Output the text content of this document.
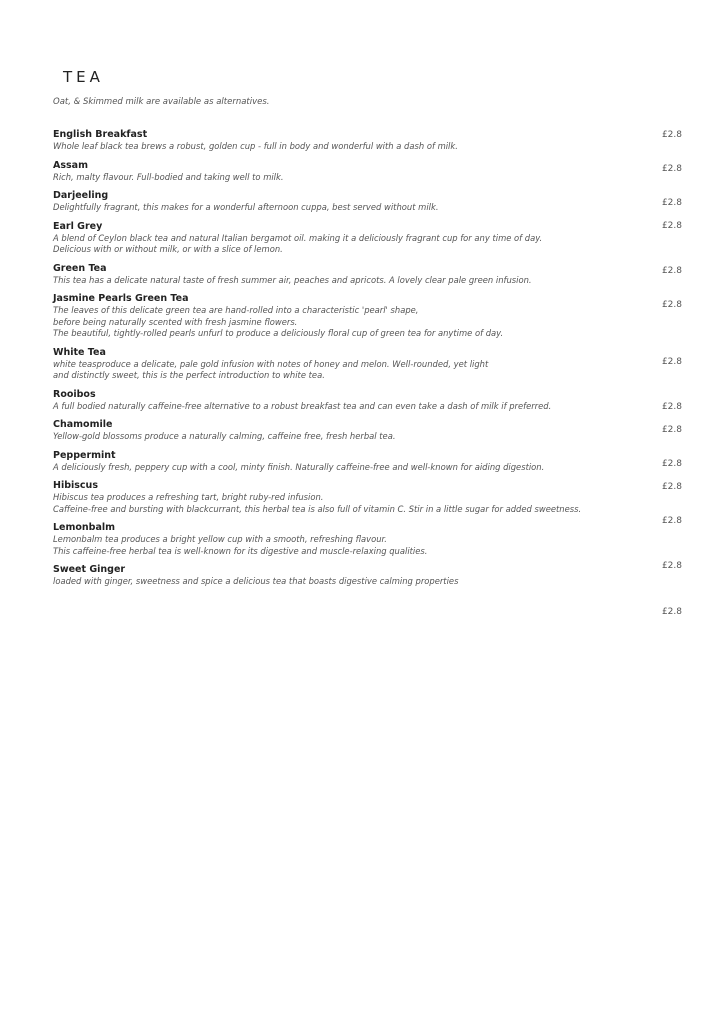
TEA
Oat, & Skimmed milk are available as alternatives.
English Breakfast
Whole leaf black tea brews a robust, golden cup - full in body and wonderful with a dash of milk.
Assam
Rich, malty flavour. Full-bodied and taking well to milk.
Darjeeling
Delightfully fragrant, this makes for a wonderful afternoon cuppa, best served without milk.
Earl Grey
A blend of Ceylon black tea and natural Italian bergamot oil. making it a deliciously fragrant cup for any time of day.
Delicious with or without milk, or with a slice of lemon.
Green Tea
This tea has a delicate natural taste of fresh summer air, peaches and apricots. A lovely clear pale green infusion.
Jasmine Pearls Green Tea
The leaves of this delicate green tea are hand-rolled into a characteristic 'pearl' shape,
before being naturally scented with fresh jasmine flowers.
The beautiful, tightly-rolled pearls unfurl to produce a deliciously floral cup of green tea for anytime of day.
White Tea
white teasproduce a delicate, pale gold infusion with notes of honey and melon. Well-rounded, yet light
and distinctly sweet, this is the perfect introduction to white tea.
Rooibos
A full bodied naturally caffeine-free alternative to a robust breakfast tea and can even take a dash of milk if preferred.
Chamomile
Yellow-gold blossoms produce a naturally calming, caffeine free, fresh herbal tea.
Peppermint
A deliciously fresh, peppery cup with a cool, minty finish. Naturally caffeine-free and well-known for aiding digestion.
Hibiscus
Hibiscus tea produces a refreshing tart, bright ruby-red infusion.
Caffeine-free and bursting with blackcurrant, this herbal tea is also full of vitamin C. Stir in a little sugar for added sweetness.
Lemonbalm
Lemonbalm tea produces a bright yellow cup with a smooth, refreshing flavour.
This caffeine-free herbal tea is well-known for its digestive and muscle-relaxing qualities.
Sweet Ginger
loaded with ginger, sweetness and spice a delicious tea that boasts digestive calming properties
£2.8
£2.8
£2.8
£2.8
£2.8
£2.8
£2.8
£2.8
£2.8
£2.8
£2.8
£2.8
£2.8
£2.8
